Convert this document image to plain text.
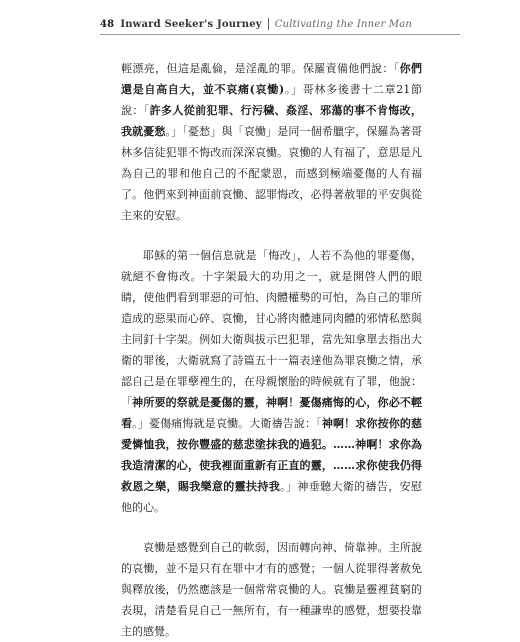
48 Inward Seeker's Journey Cultivating the Inner Man

輕漂亮，但這是亂倫，是淫亂的罪。保羅責備他們說：「你們還是自高自大，並不哀痛(哀慟)。」哥林多後書十二章21節說：「許多人從前犯罪、行污穢、姦淫、邪蕩的事不肯悔改，我就憂愁。」「憂愁」與「哀慟」是同一個希臘字，保羅為著哥林多信徒犯罪不悔改而深深哀慟。哀慟的人有福了，意思是凡為自己的罪和他自己的不配蒙恩，而感到極端憂傷的人有福了。他們來到神面前哀慟、認罪悔改，必得著赦罪的平安與從主來的安慰。

耶穌的第一個信息就是「悔改」，人若不為他的罪憂傷，就絕不會悔改。十字架最大的功用之一，就是開啓人們的眼睛，使他們看到罪惡的可怕、肉體權勢的可怕，為自己的罪所造成的惡果而心碎、哀慟，甘心將肉體連同肉體的邪情私慾與主同釘十字架。例如大衛與拔示巴犯罪，當先知拿單去指出大衛的罪後，大衛就寫了詩篇五十一篇表達他為罪哀慟之情，承認自己是在罪孽裡生的，在母親懷胎的時候就有了罪，他說：「神所要的祭就是憂傷的靈，神啊！憂傷痛悔的心，你必不輕看。」憂傷痛悔就是哀慟。大衛禱告說：「神啊！求你按你的慈愛憐恤我，按你豐盛的慈悲塗抹我的過犯。……神啊！求你為我造清潔的心，使我裡面重新有正直的靈，……求你使我仍得救恩之樂，賜我樂意的靈扶持我。」神垂聽大衛的禱告，安慰他的心。

哀慟是感覺到自己的軟弱，因而轉向神、倚靠神。主所說的哀慟，並不是只有在罪中才有的感覺；一個人從罪得著赦免與釋放後，仍然應該是一個常常哀慟的人。哀慟是靈裡貧窮的表現，清楚看見自己一無所有，有一種謙卑的感覺，想要投靠主的感覺。
